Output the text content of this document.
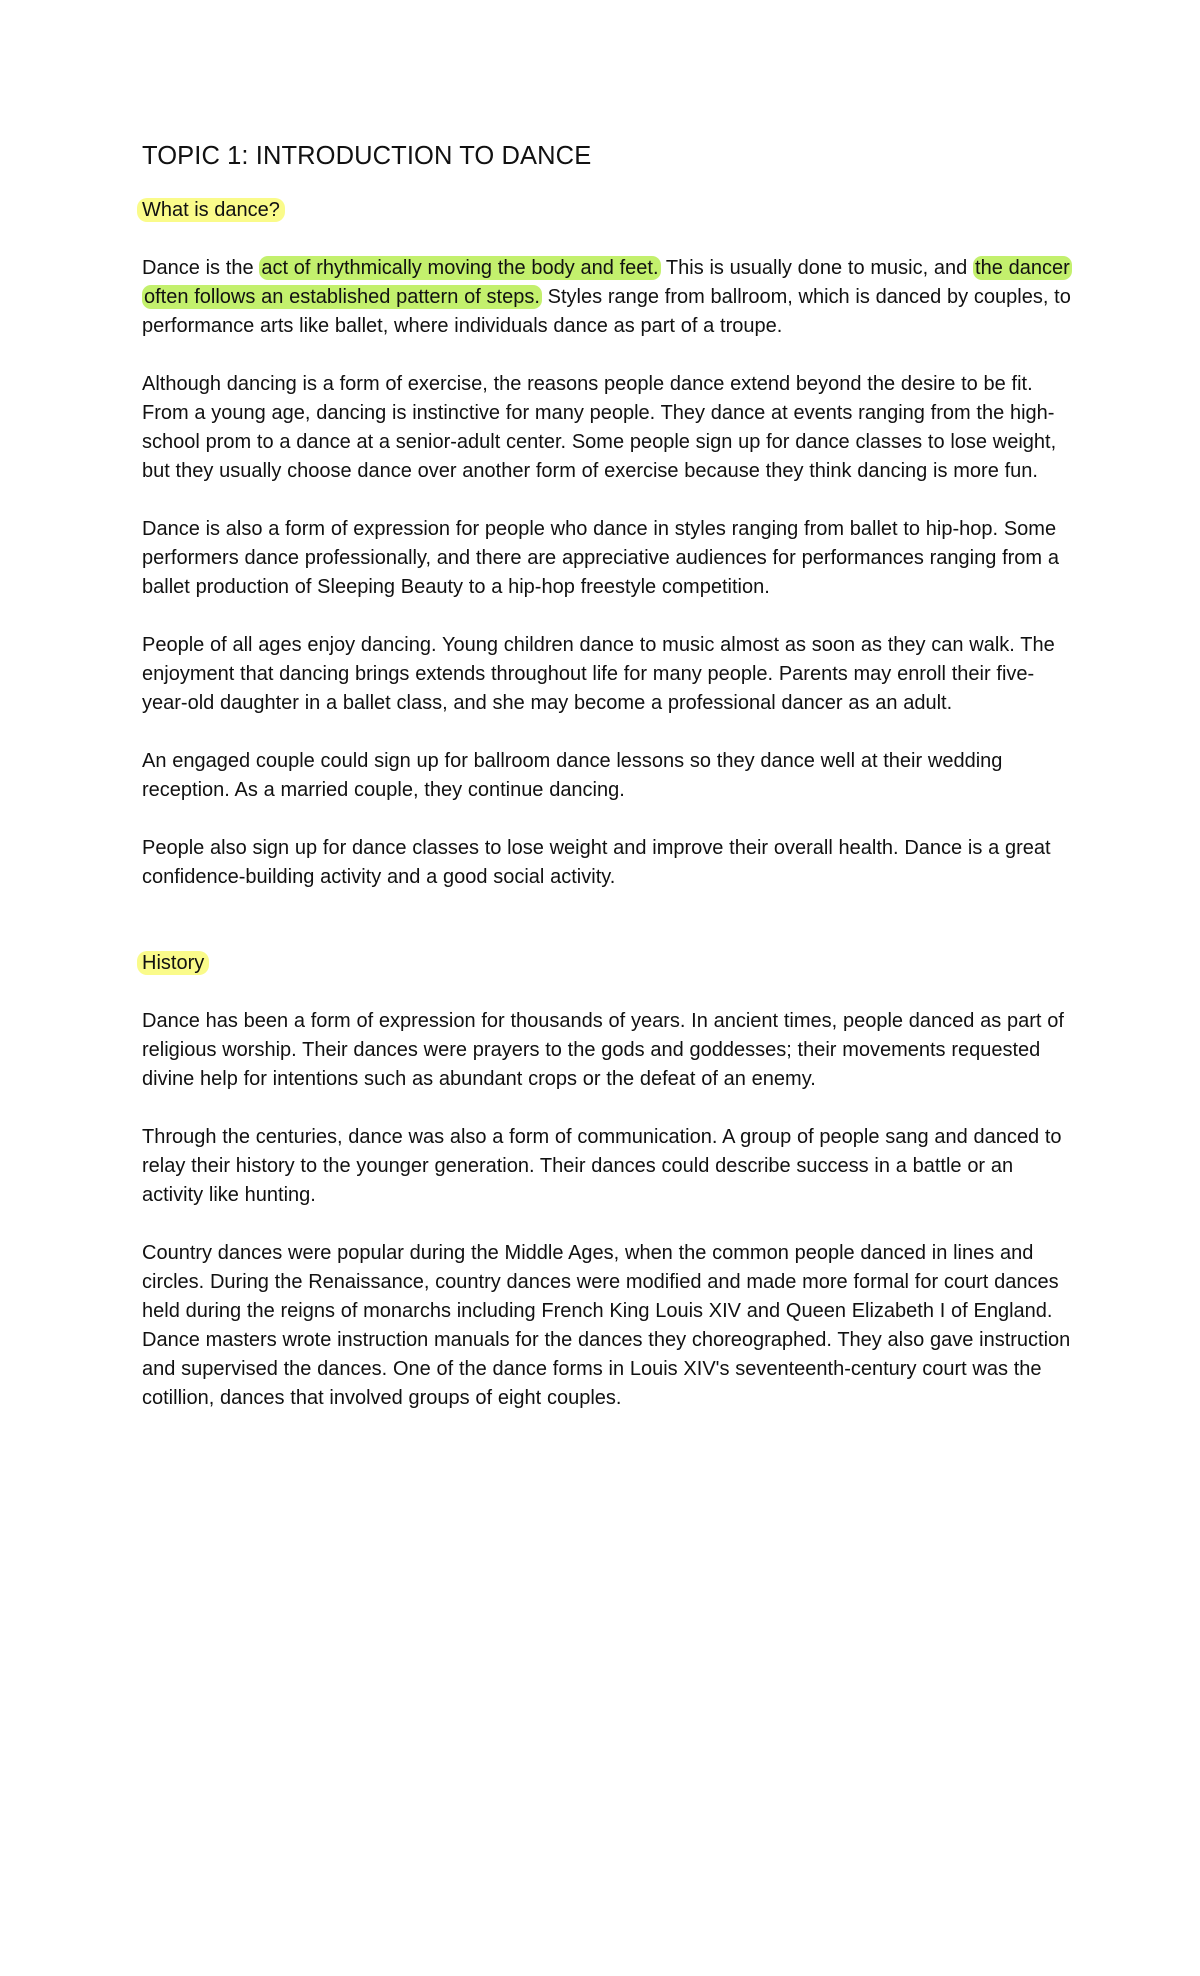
TOPIC 1: INTRODUCTION TO DANCE
What is dance?

Dance is the act of rhythmically moving the body and feet. This is usually done to music, and the dancer often follows an established pattern of steps. Styles range from ballroom, which is danced by couples, to performance arts like ballet, where individuals dance as part of a troupe.

Although dancing is a form of exercise, the reasons people dance extend beyond the desire to be fit. From a young age, dancing is instinctive for many people. They dance at events ranging from the high-school prom to a dance at a senior-adult center. Some people sign up for dance classes to lose weight, but they usually choose dance over another form of exercise because they think dancing is more fun.

Dance is also a form of expression for people who dance in styles ranging from ballet to hip-hop. Some performers dance professionally, and there are appreciative audiences for performances ranging from a ballet production of Sleeping Beauty to a hip-hop freestyle competition.

People of all ages enjoy dancing. Young children dance to music almost as soon as they can walk. The enjoyment that dancing brings extends throughout life for many people. Parents may enroll their five-year-old daughter in a ballet class, and she may become a professional dancer as an adult.

An engaged couple could sign up for ballroom dance lessons so they dance well at their wedding reception. As a married couple, they continue dancing.

People also sign up for dance classes to lose weight and improve their overall health. Dance is a great confidence-building activity and a good social activity.

History

Dance has been a form of expression for thousands of years. In ancient times, people danced as part of religious worship. Their dances were prayers to the gods and goddesses; their movements requested divine help for intentions such as abundant crops or the defeat of an enemy.

Through the centuries, dance was also a form of communication. A group of people sang and danced to relay their history to the younger generation. Their dances could describe success in a battle or an activity like hunting.

Country dances were popular during the Middle Ages, when the common people danced in lines and circles. During the Renaissance, country dances were modified and made more formal for court dances held during the reigns of monarchs including French King Louis XIV and Queen Elizabeth I of England. Dance masters wrote instruction manuals for the dances they choreographed. They also gave instruction and supervised the dances. One of the dance forms in Louis XIV's seventeenth-century court was the cotillion, dances that involved groups of eight couples.
